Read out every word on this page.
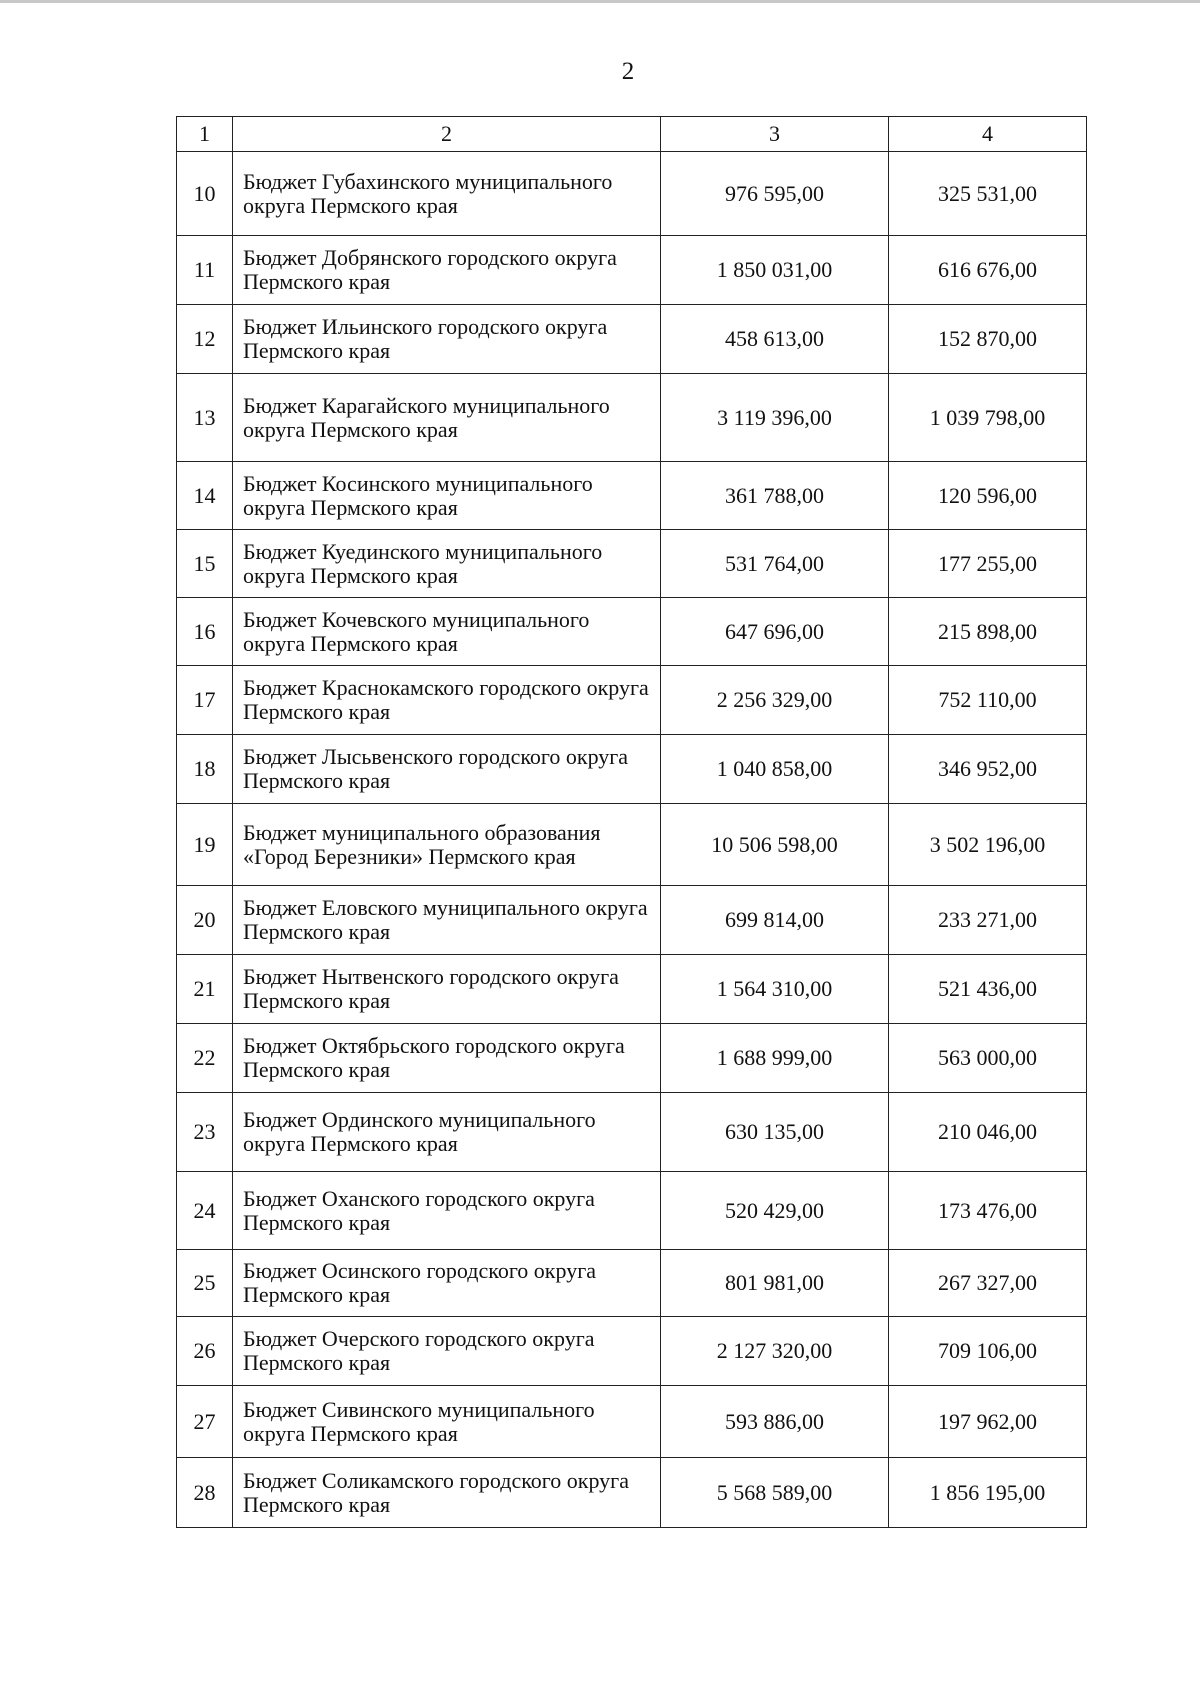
2
1	2	3	4
10	Бюджет Губахинского муниципального округа Пермского края	976 595,00	325 531,00
11	Бюджет Добрянского городского округа Пермского края	1 850 031,00	616 676,00
12	Бюджет Ильинского городского округа Пермского края	458 613,00	152 870,00
13	Бюджет Карагайского муниципального округа Пермского края	3 119 396,00	1 039 798,00
14	Бюджет Косинского муниципального округа Пермского края	361 788,00	120 596,00
15	Бюджет Куединского муниципального округа Пермского края	531 764,00	177 255,00
16	Бюджет Кочевского муниципального округа Пермского края	647 696,00	215 898,00
17	Бюджет Краснокамского городского округа Пермского края	2 256 329,00	752 110,00
18	Бюджет Лысьвенского городского округа Пермского края	1 040 858,00	346 952,00
19	Бюджет муниципального образования «Город Березники» Пермского края	10 506 598,00	3 502 196,00
20	Бюджет Еловского муниципального округа Пермского края	699 814,00	233 271,00
21	Бюджет Нытвенского городского округа Пермского края	1 564 310,00	521 436,00
22	Бюджет Октябрьского городского округа Пермского края	1 688 999,00	563 000,00
23	Бюджет Ординского муниципального округа Пермского края	630 135,00	210 046,00
24	Бюджет Оханского городского округа Пермского края	520 429,00	173 476,00
25	Бюджет Осинского городского округа Пермского края	801 981,00	267 327,00
26	Бюджет Очерского городского округа Пермского края	2 127 320,00	709 106,00
27	Бюджет Сивинского муниципального округа Пермского края	593 886,00	197 962,00
28	Бюджет Соликамского городского округа Пермского края	5 568 589,00	1 856 195,00
